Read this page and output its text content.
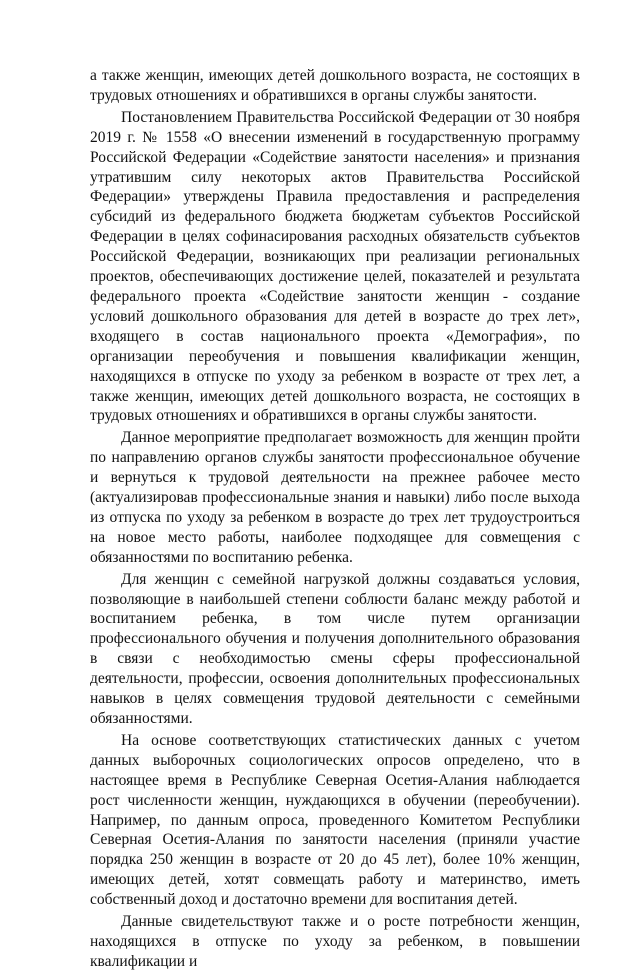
а также женщин, имеющих детей дошкольного возраста, не состоящих в трудовых отношениях и обратившихся в органы службы занятости.

Постановлением Правительства Российской Федерации от 30 ноября 2019 г. № 1558 «О внесении изменений в государственную программу Российской Федерации «Содействие занятости населения» и признания утратившим силу некоторых актов Правительства Российской Федерации» утверждены Правила предоставления и распределения субсидий из федерального бюджета бюджетам субъектов Российской Федерации в целях софинасирования расходных обязательств субъектов Российской Федерации, возникающих при реализации региональных проектов, обеспечивающих достижение целей, показателей и результата федерального проекта «Содействие занятости женщин - создание условий дошкольного образования для детей в возрасте до трех лет», входящего в состав национального проекта «Демография», по организации переобучения и повышения квалификации женщин, находящихся в отпуске по уходу за ребенком в возрасте от трех лет, а также женщин, имеющих детей дошкольного возраста, не состоящих в трудовых отношениях и обратившихся в органы службы занятости.

Данное мероприятие предполагает возможность для женщин пройти по направлению органов службы занятости профессиональное обучение и вернуться к трудовой деятельности на прежнее рабочее место (актуализировав профессиональные знания и навыки) либо после выхода из отпуска по уходу за ребенком в возрасте до трех лет трудоустроиться на новое место работы, наиболее подходящее для совмещения с обязанностями по воспитанию ребенка.

Для женщин с семейной нагрузкой должны создаваться условия, позволяющие в наибольшей степени соблюсти баланс между работой и воспитанием ребенка, в том числе путем организации профессионального обучения и получения дополнительного образования в связи с необходимостью смены сферы профессиональной деятельности, профессии, освоения дополнительных профессиональных навыков в целях совмещения трудовой деятельности с семейными обязанностями.

На основе соответствующих статистических данных с учетом данных выборочных социологических опросов определено, что в настоящее время в Республике Северная Осетия-Алания наблюдается рост численности женщин, нуждающихся в обучении (переобучении). Например, по данным опроса, проведенного Комитетом Республики Северная Осетия-Алания по занятости населения (приняли участие порядка 250 женщин в возрасте от 20 до 45 лет), более 10% женщин, имеющих детей, хотят совмещать работу и материнство, иметь собственный доход и достаточно времени для воспитания детей.

Данные свидетельствуют также и о росте потребности женщин, находящихся в отпуске по уходу за ребенком, в повышении квалификации и
